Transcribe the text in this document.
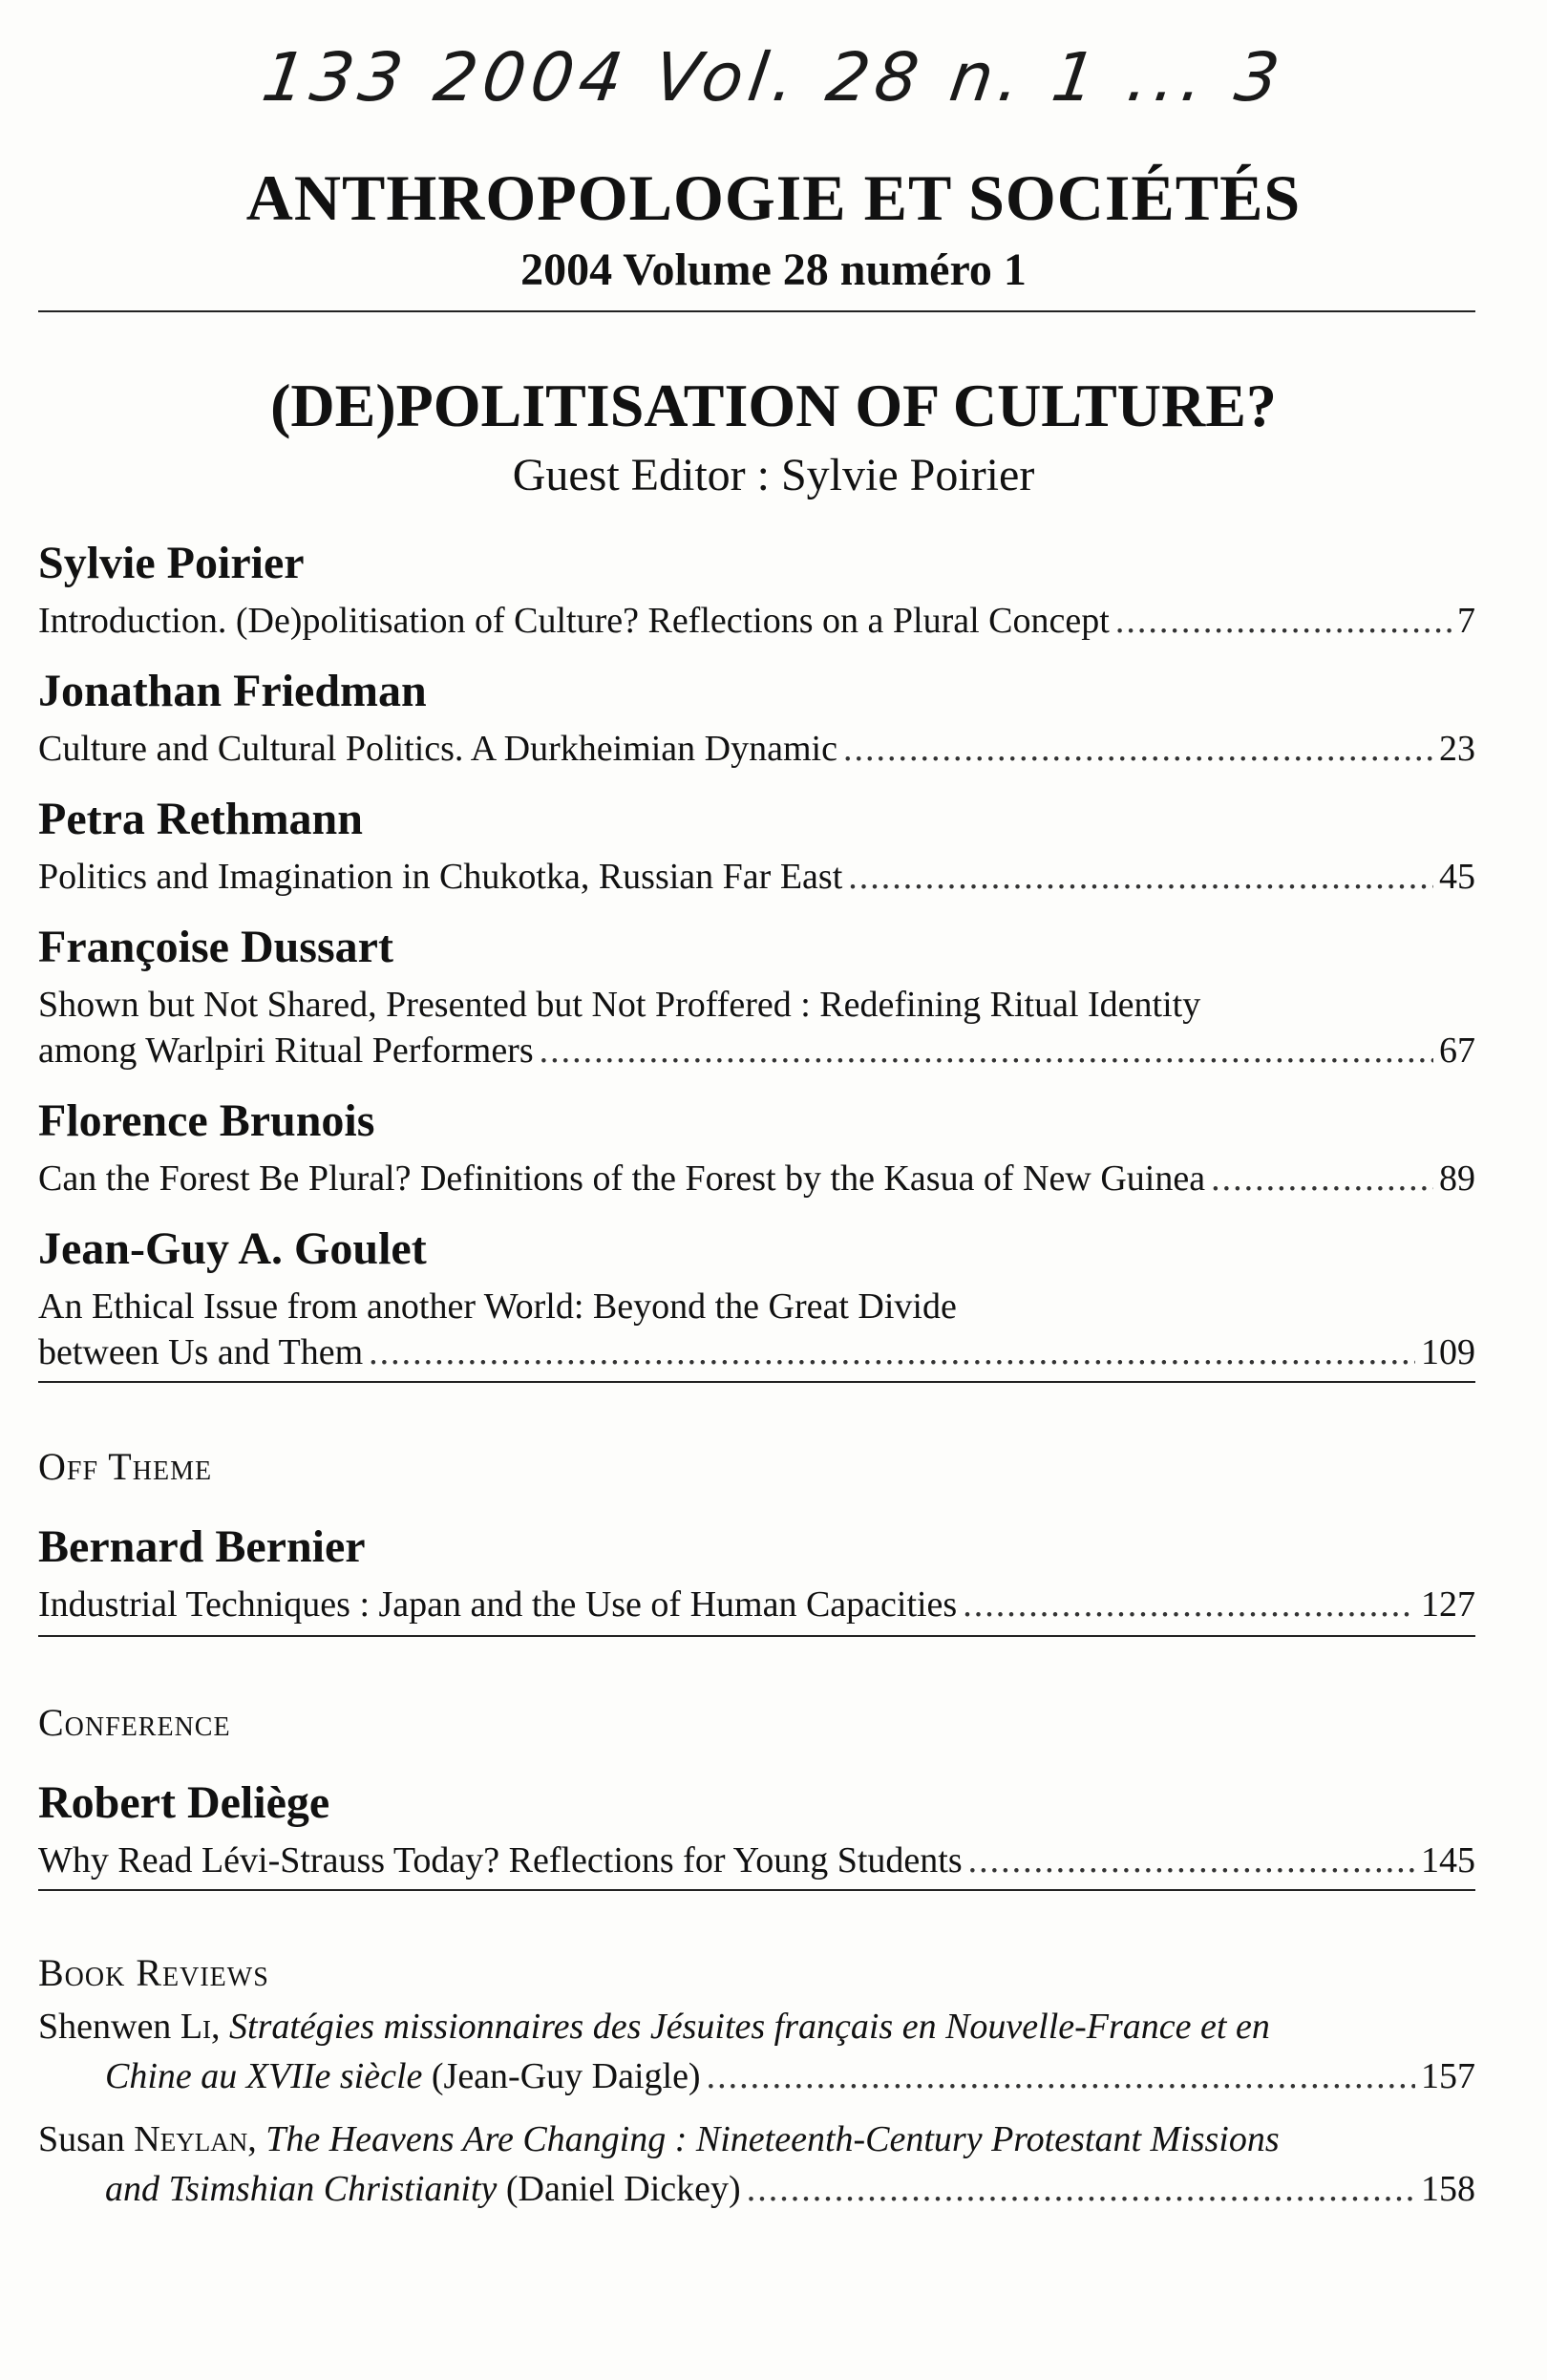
133 2004 Vol. 28 n. 1 ... 3
ANTHROPOLOGIE ET SOCIÉTÉS
2004 Volume 28 numéro 1
(DE)POLITISATION OF CULTURE?
Guest Editor : Sylvie Poirier
Sylvie Poirier
Introduction. (De)politisation of Culture? Reflections on a Plural Concept .....	7
Jonathan Friedman
Culture and Cultural Politics. A Durkheimian Dynamic .....	23
Petra Rethmann
Politics and Imagination in Chukotka, Russian Far East .....	45
Françoise Dussart
Shown but Not Shared, Presented but Not Proffered : Redefining Ritual Identity
among Warlpiri Ritual Performers .....	67
Florence Brunois
Can the Forest Be Plural? Definitions of the Forest by the Kasua of New Guinea .....	89
Jean-Guy A. Goulet
An Ethical Issue from another World: Beyond the Great Divide
between Us and Them .....	109
Off Theme
Bernard Bernier
Industrial Techniques : Japan and the Use of Human Capacities .....	127
Conference
Robert Deliège
Why Read Lévi-Strauss Today? Reflections for Young Students .....	145
Book Reviews
Shenwen Li, Stratégies missionnaires des Jésuites français en Nouvelle-France et en
Chine au XVIIe siècle (Jean-Guy Daigle) .....	157
Susan Neylan, The Heavens Are Changing : Nineteenth-Century Protestant Missions
and Tsimshian Christianity (Daniel Dickey) .....	158
